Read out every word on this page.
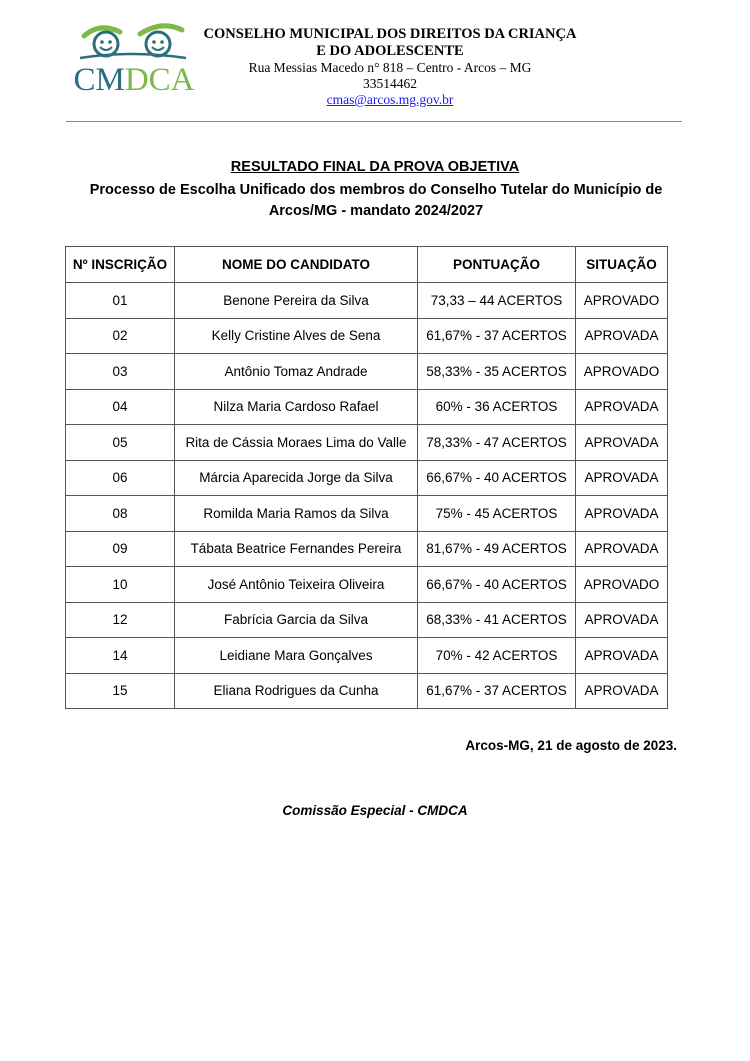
CMDCA
CONSELHO MUNICIPAL DOS DIREITOS DA CRIANÇA
E DO ADOLESCENTE
Rua Messias Macedo n° 818 – Centro - Arcos – MG
33514462
cmas@arcos.mg.gov.br
RESULTADO FINAL DA PROVA OBJETIVA
Processo de Escolha Unificado dos membros do Conselho Tutelar do Município de Arcos/MG - mandato 2024/2027
Nº INSCRIÇÃO	NOME DO CANDIDATO	PONTUAÇÃO	SITUAÇÃO
01	Benone Pereira da Silva	73,33 – 44 ACERTOS	APROVADO
02	Kelly Cristine Alves de Sena	61,67% - 37 ACERTOS	APROVADA
03	Antônio Tomaz Andrade	58,33% - 35 ACERTOS	APROVADO
04	Nilza Maria Cardoso Rafael	60% - 36 ACERTOS	APROVADA
05	Rita de Cássia Moraes Lima do Valle	78,33% - 47 ACERTOS	APROVADA
06	Márcia Aparecida Jorge da Silva	66,67% - 40 ACERTOS	APROVADA
08	Romilda Maria Ramos da Silva	75% - 45 ACERTOS	APROVADA
09	Tábata Beatrice Fernandes Pereira	81,67% - 49 ACERTOS	APROVADA
10	José Antônio Teixeira Oliveira	66,67% - 40 ACERTOS	APROVADO
12	Fabrícia Garcia da Silva	68,33% - 41 ACERTOS	APROVADA
14	Leidiane Mara Gonçalves	70% - 42 ACERTOS	APROVADA
15	Eliana Rodrigues da Cunha	61,67% - 37 ACERTOS	APROVADA
Arcos-MG, 21 de agosto de 2023.
Comissão Especial - CMDCA
